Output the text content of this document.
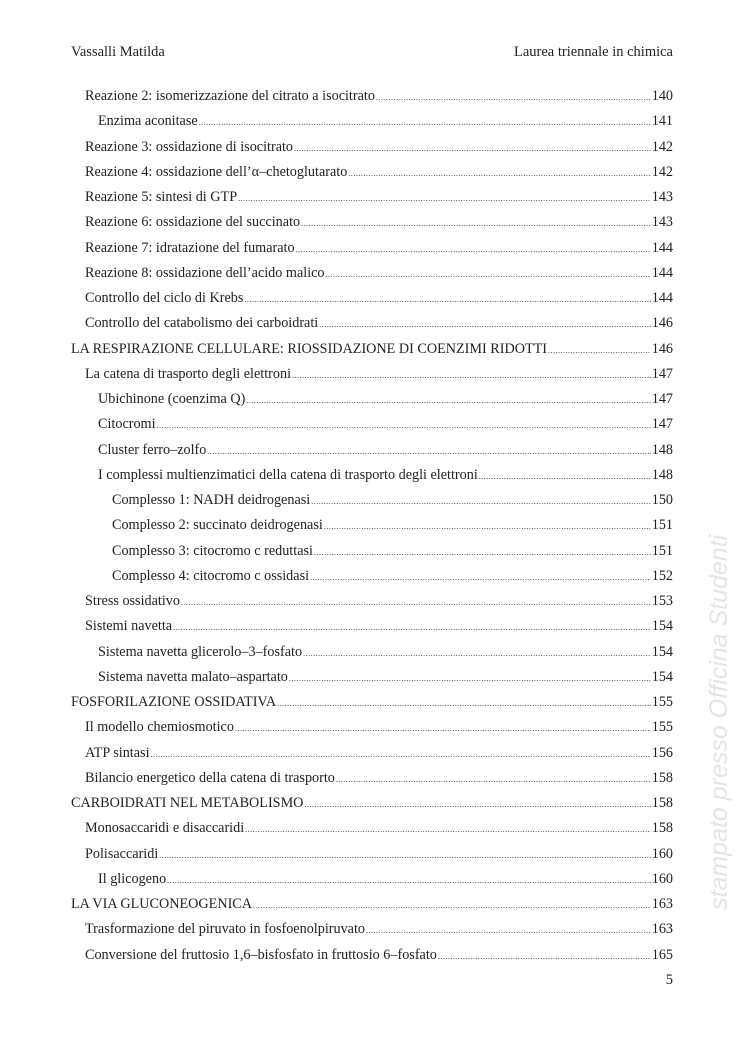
Vassalli Matilda	Laurea triennale in chimica
Reazione 2: isomerizzazione del citrato a isocitrato .....	140
Enzima aconitase .....	141
Reazione 3: ossidazione di isocitrato .....	142
Reazione 4: ossidazione dell’α–chetoglutarato .....	142
Reazione 5: sintesi di GTP .....	143
Reazione 6: ossidazione del succinato .....	143
Reazione 7: idratazione del fumarato .....	144
Reazione 8: ossidazione dell’acido malico .....	144
Controllo del ciclo di Krebs .....	144
Controllo del catabolismo dei carboidrati .....	146
LA RESPIRAZIONE CELLULARE: RIOSSIDAZIONE DI COENZIMI RIDOTTI .....	146
La catena di trasporto degli elettroni .....	147
Ubichinone (coenzima Q) .....	147
Citocromi .....	147
Cluster ferro–zolfo .....	148
I complessi multienzimatici della catena di trasporto degli elettroni .....	148
Complesso 1: NADH deidrogenasi .....	150
Complesso 2: succinato deidrogenasi .....	151
Complesso 3: citocromo c reduttasi .....	151
Complesso 4: citocromo c ossidasi .....	152
Stress ossidativo .....	153
Sistemi navetta .....	154
Sistema navetta glicerolo–3–fosfato .....	154
Sistema navetta malato–aspartato .....	154
FOSFORILAZIONE OSSIDATIVA .....	155
Il modello chemiosmotico .....	155
ATP sintasi .....	156
Bilancio energetico della catena di trasporto .....	158
CARBOIDRATI NEL METABOLISMO .....	158
Monosaccaridi e disaccaridi .....	158
Polisaccaridi .....	160
Il glicogeno .....	160
LA VIA GLUCONEOGENICA .....	163
Trasformazione del piruvato in fosfoenolpiruvato .....	163
Conversione del fruttosio 1,6–bisfosfato in fruttosio 6–fosfato .....	165
5
stampato presso Officina Studenti
